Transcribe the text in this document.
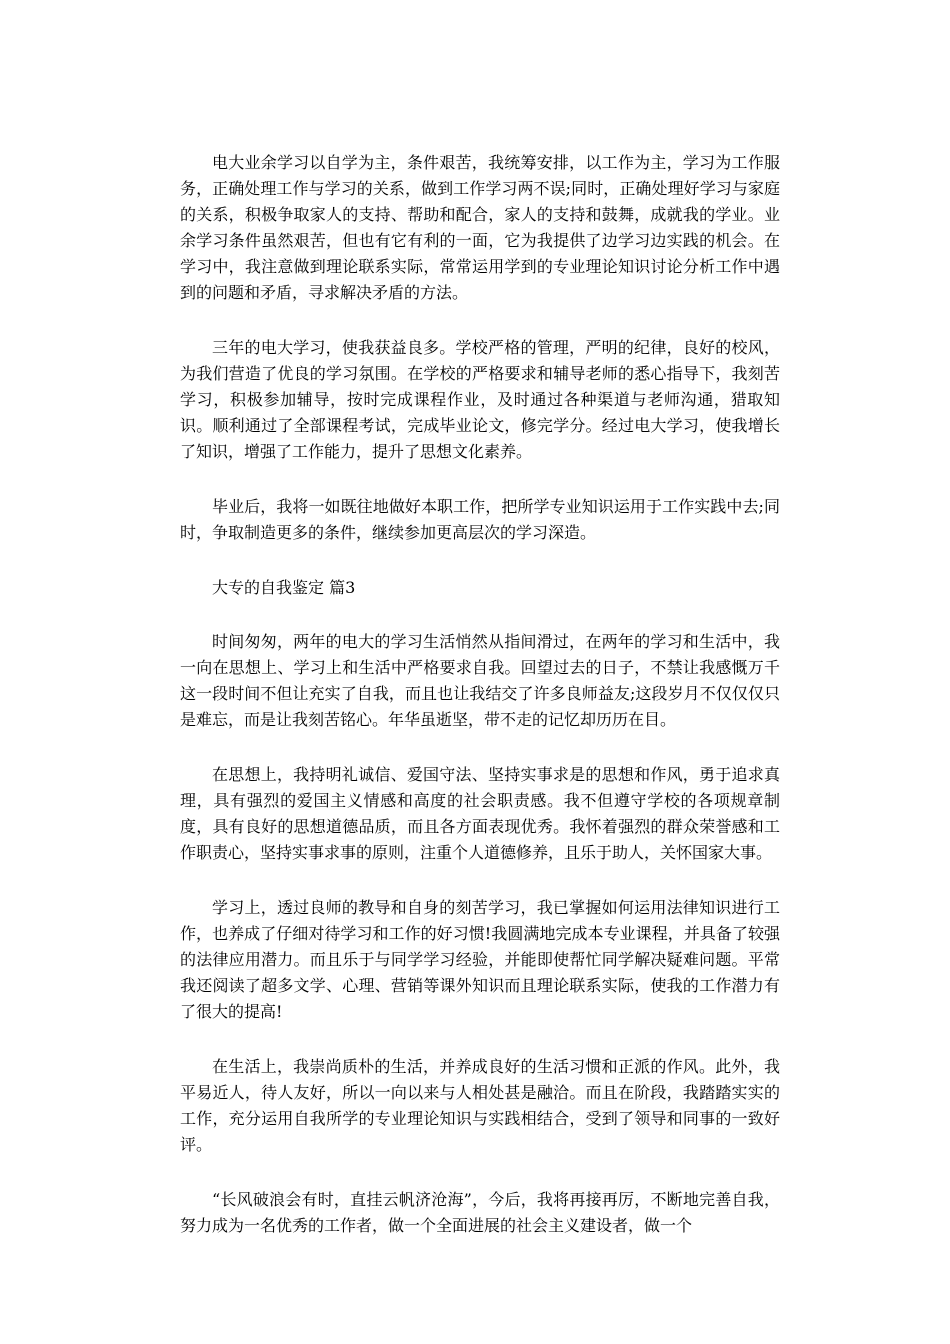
电大业余学习以自学为主，条件艰苦，我统筹安排，以工作为主，学习为工作服务，正确处理工作与学习的关系，做到工作学习两不误;同时，正确处理好学习与家庭的关系，积极争取家人的支持、帮助和配合，家人的支持和鼓舞，成就我的学业。业余学习条件虽然艰苦，但也有它有利的一面，它为我提供了边学习边实践的机会。在学习中，我注意做到理论联系实际，常常运用学到的专业理论知识讨论分析工作中遇到的问题和矛盾，寻求解决矛盾的方法。

三年的电大学习，使我获益良多。学校严格的管理，严明的纪律，良好的校风，为我们营造了优良的学习氛围。在学校的严格要求和辅导老师的悉心指导下，我刻苦学习，积极参加辅导，按时完成课程作业，及时通过各种渠道与老师沟通，猎取知识。顺利通过了全部课程考试，完成毕业论文，修完学分。经过电大学习，使我增长了知识，增强了工作能力，提升了思想文化素养。

毕业后，我将一如既往地做好本职工作，把所学专业知识运用于工作实践中去;同时，争取制造更多的条件，继续参加更高层次的学习深造。

大专的自我鉴定 篇3

时间匆匆，两年的电大的学习生活悄然从指间滑过，在两年的学习和生活中，我一向在思想上、学习上和生活中严格要求自我。回望过去的日子，不禁让我感慨万千这一段时间不但让充实了自我，而且也让我结交了许多良师益友;这段岁月不仅仅仅只是难忘，而是让我刻苦铭心。年华虽逝坚，带不走的记忆却历历在目。

在思想上，我持明礼诚信、爱国守法、坚持实事求是的思想和作风，勇于追求真理，具有强烈的爱国主义情感和高度的社会职责感。我不但遵守学校的各项规章制度，具有良好的思想道德品质，而且各方面表现优秀。我怀着强烈的群众荣誉感和工作职责心，坚持实事求事的原则，注重个人道德修养，且乐于助人，关怀国家大事。

学习上，透过良师的教导和自身的刻苦学习，我已掌握如何运用法律知识进行工作，也养成了仔细对待学习和工作的好习惯!我圆满地完成本专业课程，并具备了较强的法律应用潜力。而且乐于与同学学习经验，并能即使帮忙同学解决疑难问题。平常我还阅读了超多文学、心理、营销等课外知识而且理论联系实际，使我的工作潜力有了很大的提高!

在生活上，我崇尚质朴的生活，并养成良好的生活习惯和正派的作风。此外，我平易近人，待人友好，所以一向以来与人相处甚是融洽。而且在阶段，我踏踏实实的工作，充分运用自我所学的专业理论知识与实践相结合，受到了领导和同事的一致好评。

“长风破浪会有时，直挂云帆济沧海”，今后，我将再接再厉，不断地完善自我，努力成为一名优秀的工作者，做一个全面进展的社会主义建设者，做一个
